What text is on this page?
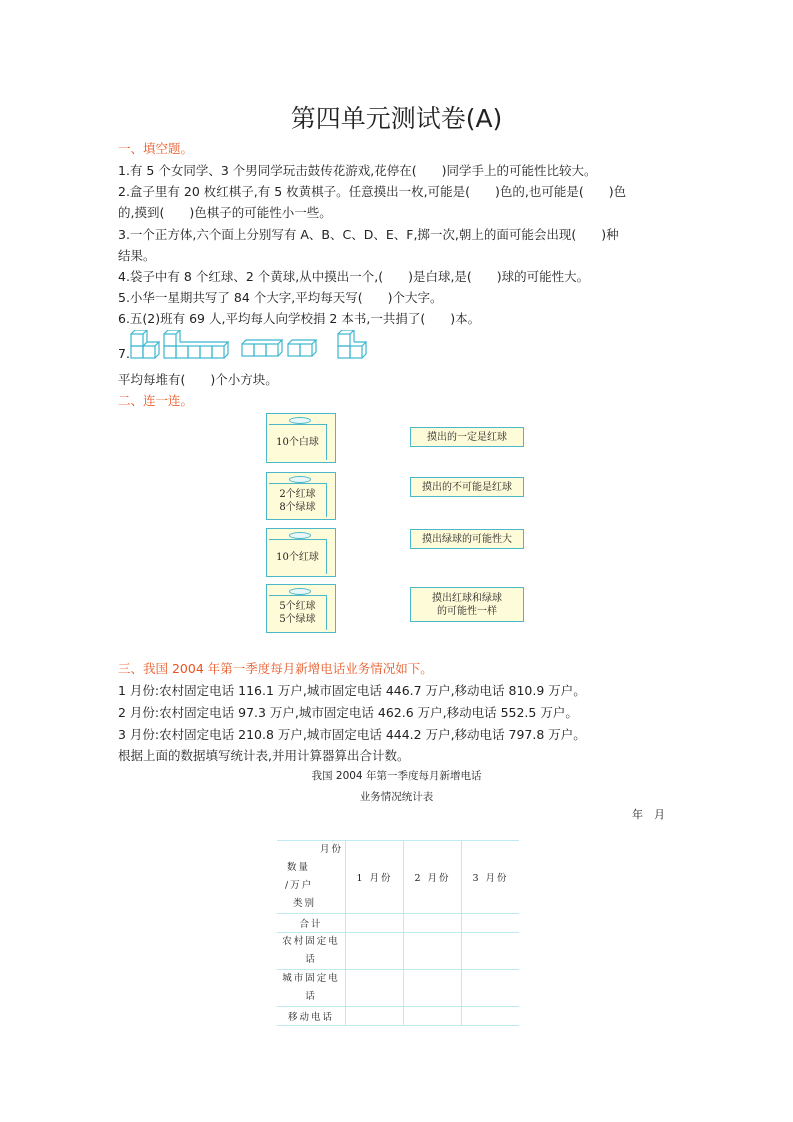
第四单元测试卷(A)
一、填空题。
1.有 5 个女同学、3 个男同学玩击鼓传花游戏,花停在(　　)同学手上的可能性比较大。
2.盒子里有 20 枚红棋子,有 5 枚黄棋子。任意摸出一枚,可能是(　　)色的,也可能是(　　)色
的,摸到(　　)色棋子的可能性小一些。
3.一个正方体,六个面上分别写有 A、B、C、D、E、F,掷一次,朝上的面可能会出现(　　)种
结果。
4.袋子中有 8 个红球、2 个黄球,从中摸出一个,(　　)是白球,是(　　)球的可能性大。
5.小华一星期共写了 84 个大字,平均每天写(　　)个大字。
6.五(2)班有 69 人,平均每人向学校捐 2 本书,一共捐了(　　)本。
7.
平均每堆有(　　)个小方块。
二、连一连。
10个白球
2个红球
8个绿球
10个红球
5个红球
5个绿球
摸出的一定是红球
摸出的不可能是红球
摸出绿球的可能性大
摸出红球和绿球
的可能性一样
三、我国 2004 年第一季度每月新增电话业务情况如下。
1 月份:农村固定电话 116.1 万户,城市固定电话 446.7 万户,移动电话 810.9 万户。
2 月份:农村固定电话 97.3 万户,城市固定电话 462.6 万户,移动电话 552.5 万户。
3 月份:农村固定电话 210.8 万户,城市固定电话 444.2 万户,移动电话 797.8 万户。
根据上面的数据填写统计表,并用计算器算出合计数。
我国 2004 年第一季度每月新增电话
业务情况统计表
年　月
月份
数量
/万户
类别	1 月份	2 月份	3 月份
合计			

农村固定电
话			

城市固定电
话			

移动电话			
